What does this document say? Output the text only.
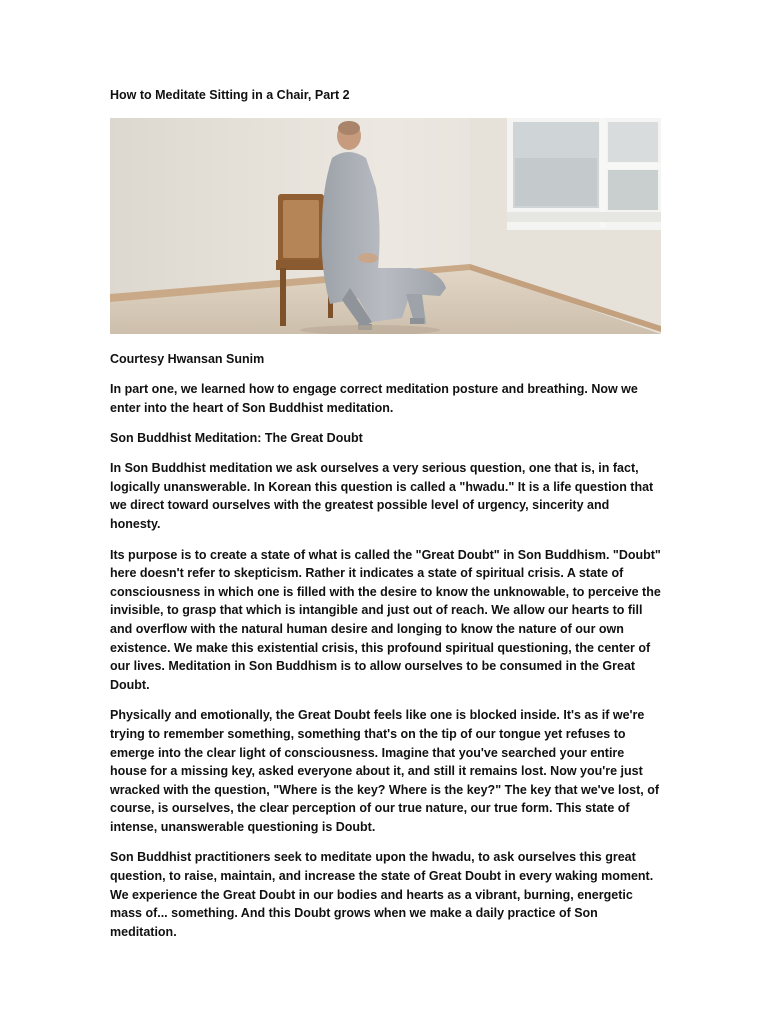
How to Meditate Sitting in a Chair, Part 2
Courtesy Hwansan Sunim
In part one, we learned how to engage correct meditation posture and breathing. Now we enter into the heart of Son Buddhist meditation.
Son Buddhist Meditation: The Great Doubt
In Son Buddhist meditation we ask ourselves a very serious question, one that is, in fact, logically unanswerable. In Korean this question is called a "hwadu." It is a life question that we direct toward ourselves with the greatest possible level of urgency, sincerity and honesty.
Its purpose is to create a state of what is called the "Great Doubt" in Son Buddhism. "Doubt" here doesn't refer to skepticism. Rather it indicates a state of spiritual crisis. A state of consciousness in which one is filled with the desire to know the unknowable, to perceive the invisible, to grasp that which is intangible and just out of reach. We allow our hearts to fill and overflow with the natural human desire and longing to know the nature of our own existence. We make this existential crisis, this profound spiritual questioning, the center of our lives. Meditation in Son Buddhism is to allow ourselves to be consumed in the Great Doubt.
Physically and emotionally, the Great Doubt feels like one is blocked inside. It's as if we're trying to remember something, something that's on the tip of our tongue yet refuses to emerge into the clear light of consciousness. Imagine that you've searched your entire house for a missing key, asked everyone about it, and still it remains lost. Now you're just wracked with the question, "Where is the key? Where is the key?" The key that we've lost, of course, is ourselves, the clear perception of our true nature, our true form. This state of intense, unanswerable questioning is Doubt.
Son Buddhist practitioners seek to meditate upon the hwadu, to ask ourselves this great question, to raise, maintain, and increase the state of Great Doubt in every waking moment. We experience the Great Doubt in our bodies and hearts as a vibrant, burning, energetic mass of... something. And this Doubt grows when we make a daily practice of Son meditation.
